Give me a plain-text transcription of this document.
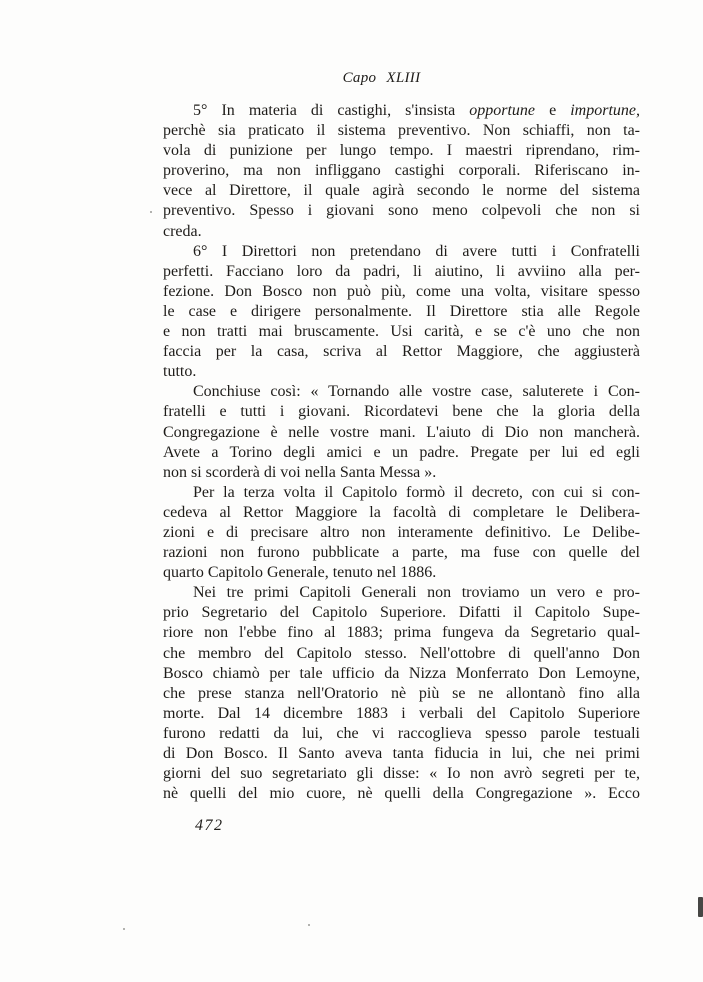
Capo XLIII
5° In materia di castighi, s'insista opportune e importune,
perchè sia praticato il sistema preventivo. Non schiaffi, non ta-
vola di punizione per lungo tempo. I maestri riprendano, rim-
proverino, ma non infliggano castighi corporali. Riferiscano in-
vece al Direttore, il quale agirà secondo le norme del sistema
preventivo. Spesso i giovani sono meno colpevoli che non si
creda.
6° I Direttori non pretendano di avere tutti i Confratelli
perfetti. Facciano loro da padri, li aiutino, li avviino alla per-
fezione. Don Bosco non può più, come una volta, visitare spesso
le case e dirigere personalmente. Il Direttore stia alle Regole
e non tratti mai bruscamente. Usi carità, e se c'è uno che non
faccia per la casa, scriva al Rettor Maggiore, che aggiusterà
tutto.
Conchiuse così: « Tornando alle vostre case, saluterete i Con-
fratelli e tutti i giovani. Ricordatevi bene che la gloria della
Congregazione è nelle vostre mani. L'aiuto di Dio non mancherà.
Avete a Torino degli amici e un padre. Pregate per lui ed egli
non si scorderà di voi nella Santa Messa ».
Per la terza volta il Capitolo formò il decreto, con cui si con-
cedeva al Rettor Maggiore la facoltà di completare le Delibera-
zioni e di precisare altro non interamente definitivo. Le Delibe-
razioni non furono pubblicate a parte, ma fuse con quelle del
quarto Capitolo Generale, tenuto nel 1886.
Nei tre primi Capitoli Generali non troviamo un vero e pro-
prio Segretario del Capitolo Superiore. Difatti il Capitolo Supe-
riore non l'ebbe fino al 1883; prima fungeva da Segretario qual-
che membro del Capitolo stesso. Nell'ottobre di quell'anno Don
Bosco chiamò per tale ufficio da Nizza Monferrato Don Lemoyne,
che prese stanza nell'Oratorio nè più se ne allontanò fino alla
morte. Dal 14 dicembre 1883 i verbali del Capitolo Superiore
furono redatti da lui, che vi raccoglieva spesso parole testuali
di Don Bosco. Il Santo aveva tanta fiducia in lui, che nei primi
giorni del suo segretariato gli disse: « Io non avrò segreti per te,
nè quelli del mio cuore, nè quelli della Congregazione ». Ecco
472
